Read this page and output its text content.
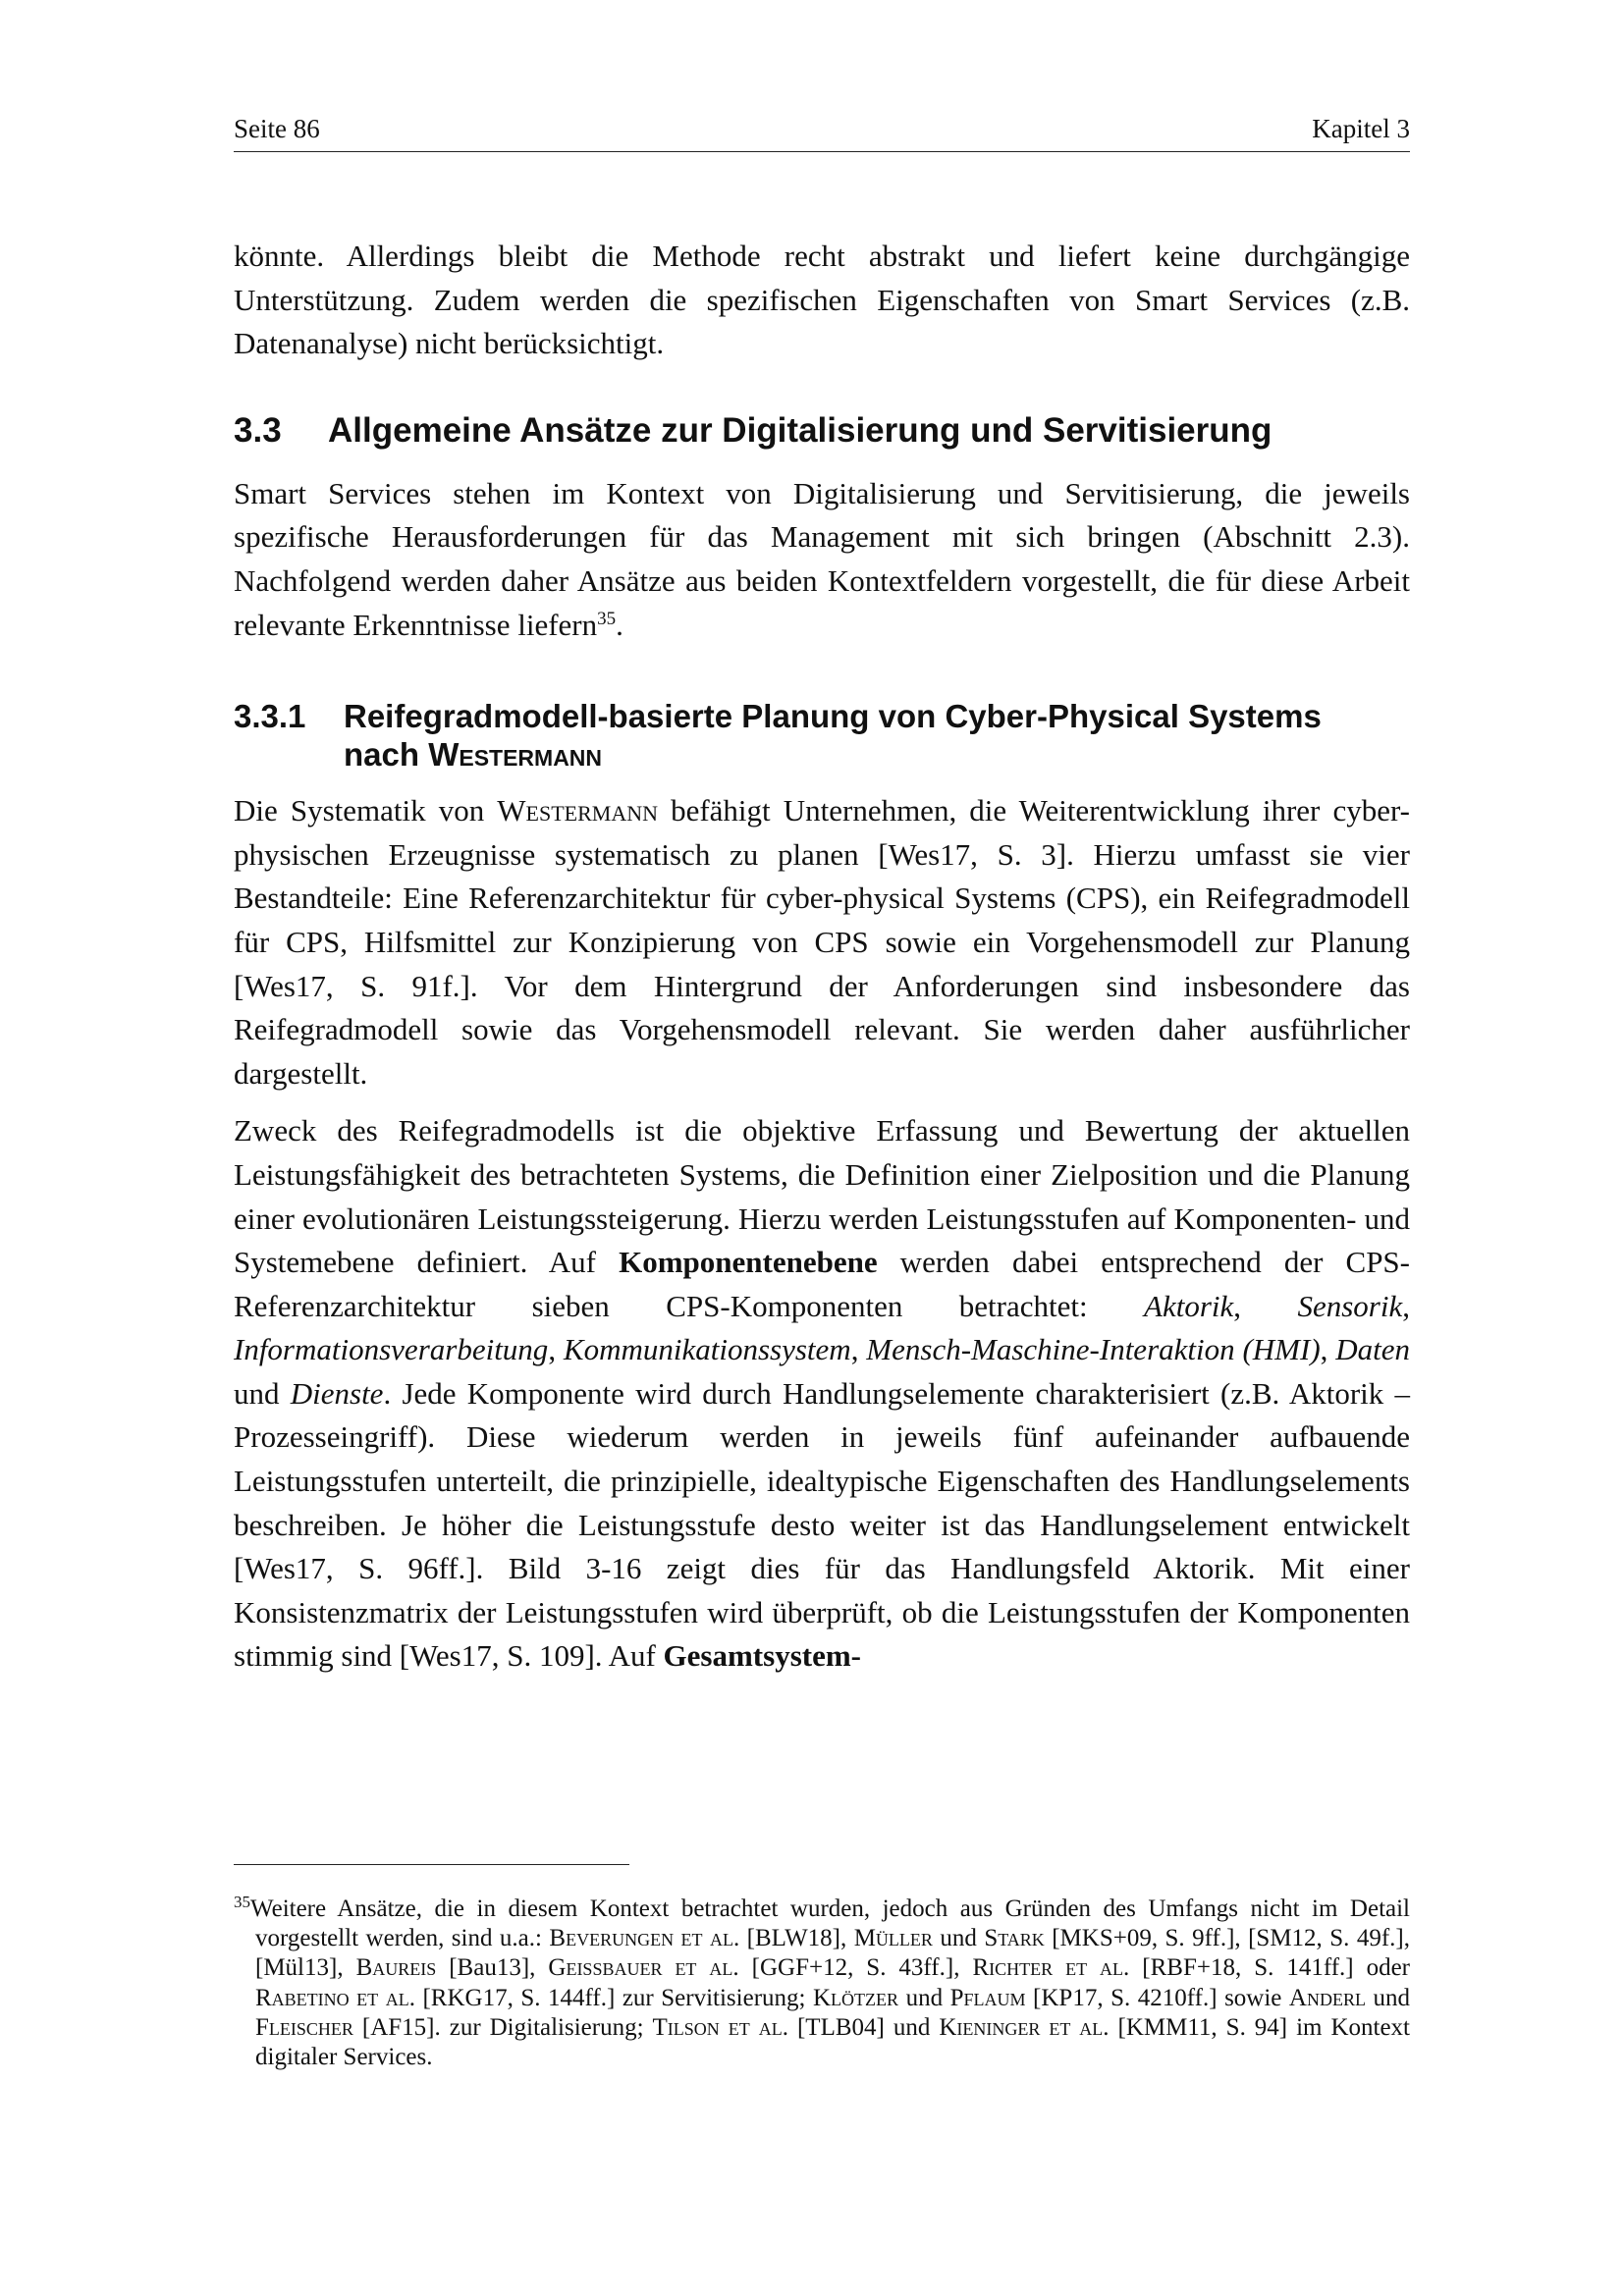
Seite 86	Kapitel 3

könnte. Allerdings bleibt die Methode recht abstrakt und liefert keine durchgängige Unterstützung. Zudem werden die spezifischen Eigenschaften von Smart Services (z.B. Datenanalyse) nicht berücksichtigt.

3.3 Allgemeine Ansätze zur Digitalisierung und Servitisierung

Smart Services stehen im Kontext von Digitalisierung und Servitisierung, die jeweils spezifische Herausforderungen für das Management mit sich bringen (Abschnitt 2.3). Nachfolgend werden daher Ansätze aus beiden Kontextfeldern vorgestellt, die für diese Arbeit relevante Erkenntnisse liefern$^{35}$.

3.3.1 Reifegradmodell-basierte Planung von Cyber-Physical Systems
nach Westermann

Die Systematik von Westermann befähigt Unternehmen, die Weiterentwicklung ihrer cyber-physischen Erzeugnisse systematisch zu planen [Wes17, S. 3]. Hierzu umfasst sie vier Bestandteile: Eine Referenzarchitektur für cyber-physical Systems (CPS), ein Reifegradmodell für CPS, Hilfsmittel zur Konzipierung von CPS sowie ein Vorgehensmodell zur Planung [Wes17, S. 91f.]. Vor dem Hintergrund der Anforderungen sind insbesondere das Reifegradmodell sowie das Vorgehensmodell relevant. Sie werden daher ausführlicher dargestellt.

Zweck des Reifegradmodells ist die objektive Erfassung und Bewertung der aktuellen Leistungsfähigkeit des betrachteten Systems, die Definition einer Zielposition und die Planung einer evolutionären Leistungssteigerung. Hierzu werden Leistungsstufen auf Komponenten- und Systemebene definiert. Auf Komponentenebene werden dabei entsprechend der CPS-Referenzarchitektur sieben CPS-Komponenten betrachtet: Aktorik, Sensorik, Informationsverarbeitung, Kommunikationssystem, Mensch-Maschine-Interaktion (HMI), Daten und Dienste. Jede Komponente wird durch Handlungselemente charakterisiert (z.B. Aktorik – Prozesseingriff). Diese wiederum werden in jeweils fünf aufeinander aufbauende Leistungsstufen unterteilt, die prinzipielle, idealtypische Eigenschaften des Handlungselements beschreiben. Je höher die Leistungsstufe desto weiter ist das Handlungselement entwickelt [Wes17, S. 96ff.]. Bild 3-16 zeigt dies für das Handlungsfeld Aktorik. Mit einer Konsistenzmatrix der Leistungsstufen wird überprüft, ob die Leistungsstufen der Komponenten stimmig sind [Wes17, S. 109]. Auf Gesamtsystem-

$^{35}$Weitere Ansätze, die in diesem Kontext betrachtet wurden, jedoch aus Gründen des Umfangs nicht im Detail vorgestellt werden, sind u.a.: Beverungen et al. [BLW18], Müller und Stark [MKS+09, S. 9ff.], [SM12, S. 49f.], [Mül13], Baureis [Bau13], Geissbauer et al. [GGF+12, S. 43ff.], Richter et al. [RBF+18, S. 141ff.] oder Rabetino et al. [RKG17, S. 144ff.] zur Servitisierung; Klötzer und Pflaum [KP17, S. 4210ff.] sowie Anderl und Fleischer [AF15]. zur Digitalisierung; Tilson et al. [TLB04] und Kieninger et al. [KMM11, S. 94] im Kontext digitaler Services.
